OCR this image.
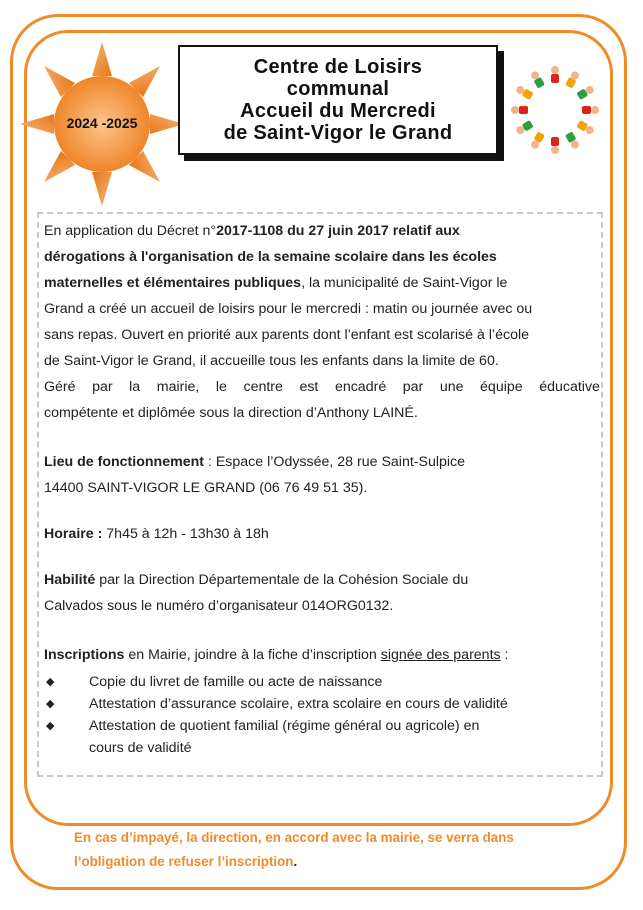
2024 -2025
Centre de Loisirs
communal
Accueil du Mercredi
de Saint-Vigor le Grand
En application du Décret n°2017-1108 du 27 juin 2017 relatif aux
dérogations à l'organisation de la semaine scolaire dans les écoles
maternelles et élémentaires publiques, la municipalité de Saint-Vigor le
Grand a créé un accueil de loisirs pour le mercredi : matin ou journée avec ou
sans repas. Ouvert en priorité aux parents dont l’enfant est scolarisé à l’école
de Saint-Vigor le Grand, il accueille tous les enfants dans la limite de 60.
Géré par la mairie, le centre est encadré par une équipe éducative
compétente et diplômée sous la direction d’Anthony LAINÉ.
Lieu de fonctionnement : Espace l’Odyssée, 28 rue Saint-Sulpice
14400 SAINT-VIGOR LE GRAND (06 76 49 51 35).
Horaire : 7h45 à 12h - 13h30 à 18h
Habilité par la Direction Départementale de la Cohésion Sociale du
Calvados sous le numéro d’organisateur 014ORG0132.
Inscriptions en Mairie, joindre à la fiche d’inscription signée des parents :
◆	Copie du livret de famille ou acte de naissance
◆	Attestation d’assurance scolaire, extra scolaire en cours de validité
◆	Attestation de quotient familial (régime général ou agricole) en
cours de validité
En cas d’impayé, la direction, en accord avec la mairie, se verra dans
l’obligation de refuser l’inscription.
